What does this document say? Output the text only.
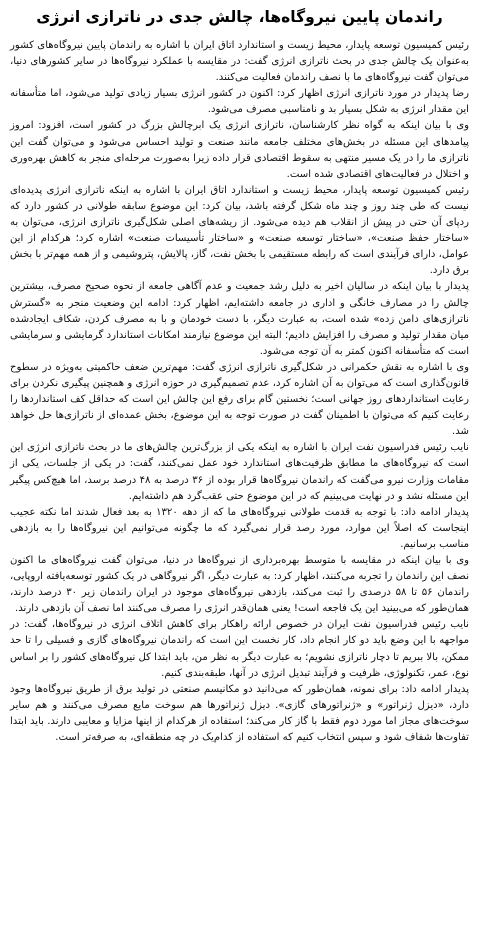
راندمان پایین نیروگاه‌ها، چالش جدی در ناترازی انرژی

رئیس کمیسیون توسعه پایدار، محیط زیست و استاندارد اتاق ایران با اشاره به راندمان پایین نیروگاه‌های کشور به‌عنوان یک چالش جدی در بحث ناترازی انرژی گفت: در مقایسه با عملکرد نیروگاه‌ها در سایر کشورهای دنیا، می‌توان گفت نیروگاه‌های ما با نصف راندمان فعالیت می‌کنند.

رضا پدیدار در مورد ناترازی انرژی اظهار کرد: اکنون در کشور انرژی بسیار زیادی تولید می‌شود، اما متأسفانه این مقدار انرژی به شکل بسیار بد و نامناسبی مصرف می‌شود.

وی با بیان اینکه به گواه نظر کارشناسان، ناترازی انرژی یک ابرچالش بزرگ در کشور است، افزود: امروز پیامدهای این مسئله در بخش‌های مختلف جامعه مانند صنعت و تولید احساس می‌شود و می‌توان گفت این ناترازی ما را در یک مسیر منتهی به سقوط اقتصادی قرار داده زیرا به‌صورت مرحله‌ای منجر به کاهش بهره‌وری و اختلال در فعالیت‌های اقتصادی شده است.

رئیس کمیسیون توسعه پایدار، محیط زیست و استاندارد اتاق ایران با اشاره به اینکه ناترازی انرژی پدیده‌ای نیست که طی چند روز و چند ماه شکل گرفته باشد، بیان کرد: این موضوع سابقه طولانی در کشور دارد که ردپای آن حتی در پیش از انقلاب هم دیده می‌شود. از ریشه‌های اصلی شکل‌گیری ناترازی انرژی، می‌توان به «ساختار حفظ صنعت»، «ساختار توسعه صنعت» و «ساختار تأسیسات صنعت» اشاره کرد؛ هرکدام از این عوامل، دارای فرآیندی است که رابطه مستقیمی با بخش نفت، گاز، پالایش، پتروشیمی و از همه مهم‌تر با بخش برق دارد.

پدیدار با بیان اینکه در سالیان اخیر به دلیل رشد جمعیت و عدم آگاهی جامعه از نحوه صحیح مصرف، بیشترین چالش را در مصارف خانگی و اداری در جامعه داشته‌ایم، اظهار کرد: ادامه این وضعیت منجر به «گسترش ناترازی‌های دامن زده» شده است، به عبارت دیگر، با دست خودمان و با به مصرف کردن، شکاف ایجادشده میان مقدار تولید و مصرف را افزایش دادیم؛ البته این موضوع نیازمند امکانات استاندارد گرمایشی و سرمایشی است که متأسفانه اکنون کمتر به آن توجه می‌شود.

وی با اشاره به نقش حکمرانی در شکل‌گیری ناترازی انرژی گفت: مهم‌ترین ضعف حاکمیتی به‌ویژه در سطوح قانون‌گذاری است که می‌توان به آن اشاره کرد، عدم تصمیم‌گیری در حوزه انرژی و همچنین پیگیری نکردن برای رعایت استانداردهای روز جهانی است؛ نخستین گام برای رفع این چالش این است که حداقل کف استانداردها را رعایت کنیم که می‌توان با اطمینان گفت در صورت توجه به این موضوع، بخش عمده‌ای از ناترازی‌ها حل خواهد شد.

نایب رئیس فدراسیون نفت ایران با اشاره به اینکه یکی از بزرگ‌ترین چالش‌های ما در بحث ناترازی انرژی این است که نیروگاه‌های ما مطابق ظرفیت‌های استاندارد خود عمل نمی‌کنند، گفت: در یکی از جلسات، یکی از مقامات وزارت نیرو می‌گفت که راندمان نیروگاه‌ها قرار بوده از ۳۶ درصد به ۴۸ درصد برسد، اما هیچ‌کس پیگیر این مسئله نشد و در نهایت می‌بینیم که در این موضوع حتی عقب‌گرد هم داشته‌ایم.

پدیدار ادامه داد: با توجه به قدمت طولانی نیروگاه‌های ما که از دهه ۱۳۲۰ به بعد فعال شدند اما نکته عجیب اینجاست که اصلاً این موارد، مورد رصد قرار نمی‌گیرد که ما چگونه می‌توانیم این نیروگاه‌ها را به بازدهی مناسب برسانیم.

وی با بیان اینکه در مقایسه با متوسط بهره‌برداری از نیروگاه‌ها در دنیا، می‌توان گفت نیروگاه‌های ما اکنون نصف این راندمان را تجربه می‌کنند، اظهار کرد: به عبارت دیگر، اگر نیروگاهی در یک کشور توسعه‌یافته اروپایی، راندمان ۵۶ تا ۵۸ درصدی را ثبت می‌کند، بازدهی نیروگاه‌های موجود در ایران راندمان زیر ۳۰ درصد دارند، همان‌طور که می‌بینید این یک فاجعه است! یعنی همان‌قدر انرژی را مصرف می‌کنند اما نصف آن بازدهی دارند.

نایب رئیس فدراسیون نفت ایران در خصوص ارائه راهکار برای کاهش اتلاف انرژی در نیروگاه‌ها، گفت: در مواجهه با این وضع باید دو کار انجام داد، کار نخست این است که راندمان نیروگاه‌های گازی و فسیلی را تا حد ممکن، بالا ببریم تا دچار ناترازی نشویم؛ به عبارت دیگر به نظر من، باید ابتدا کل نیروگاه‌های کشور را بر اساس نوع، عمر، تکنولوژی، ظرفیت و فرآیند تبدیل انرژی در آنها، طبقه‌بندی کنیم.

پدیدار ادامه داد: برای نمونه، همان‌طور که می‌دانید دو مکانیسم صنعتی در تولید برق از طریق نیروگاه‌ها وجود دارد، «دیزل ژنراتور» و «ژنراتورهای گازی». دیزل ژنراتورها هم سوخت مایع مصرف می‌کنند و هم سایر سوخت‌های مجاز اما مورد دوم فقط با گاز کار می‌کند؛ استفاده از هرکدام از اینها مزایا و معایبی دارند. باید ابتدا تفاوت‌ها شفاف شود و سپس انتخاب کنیم که استفاده از کدام‌یک در چه منطقه‌ای، به صرفه‌تر است.
